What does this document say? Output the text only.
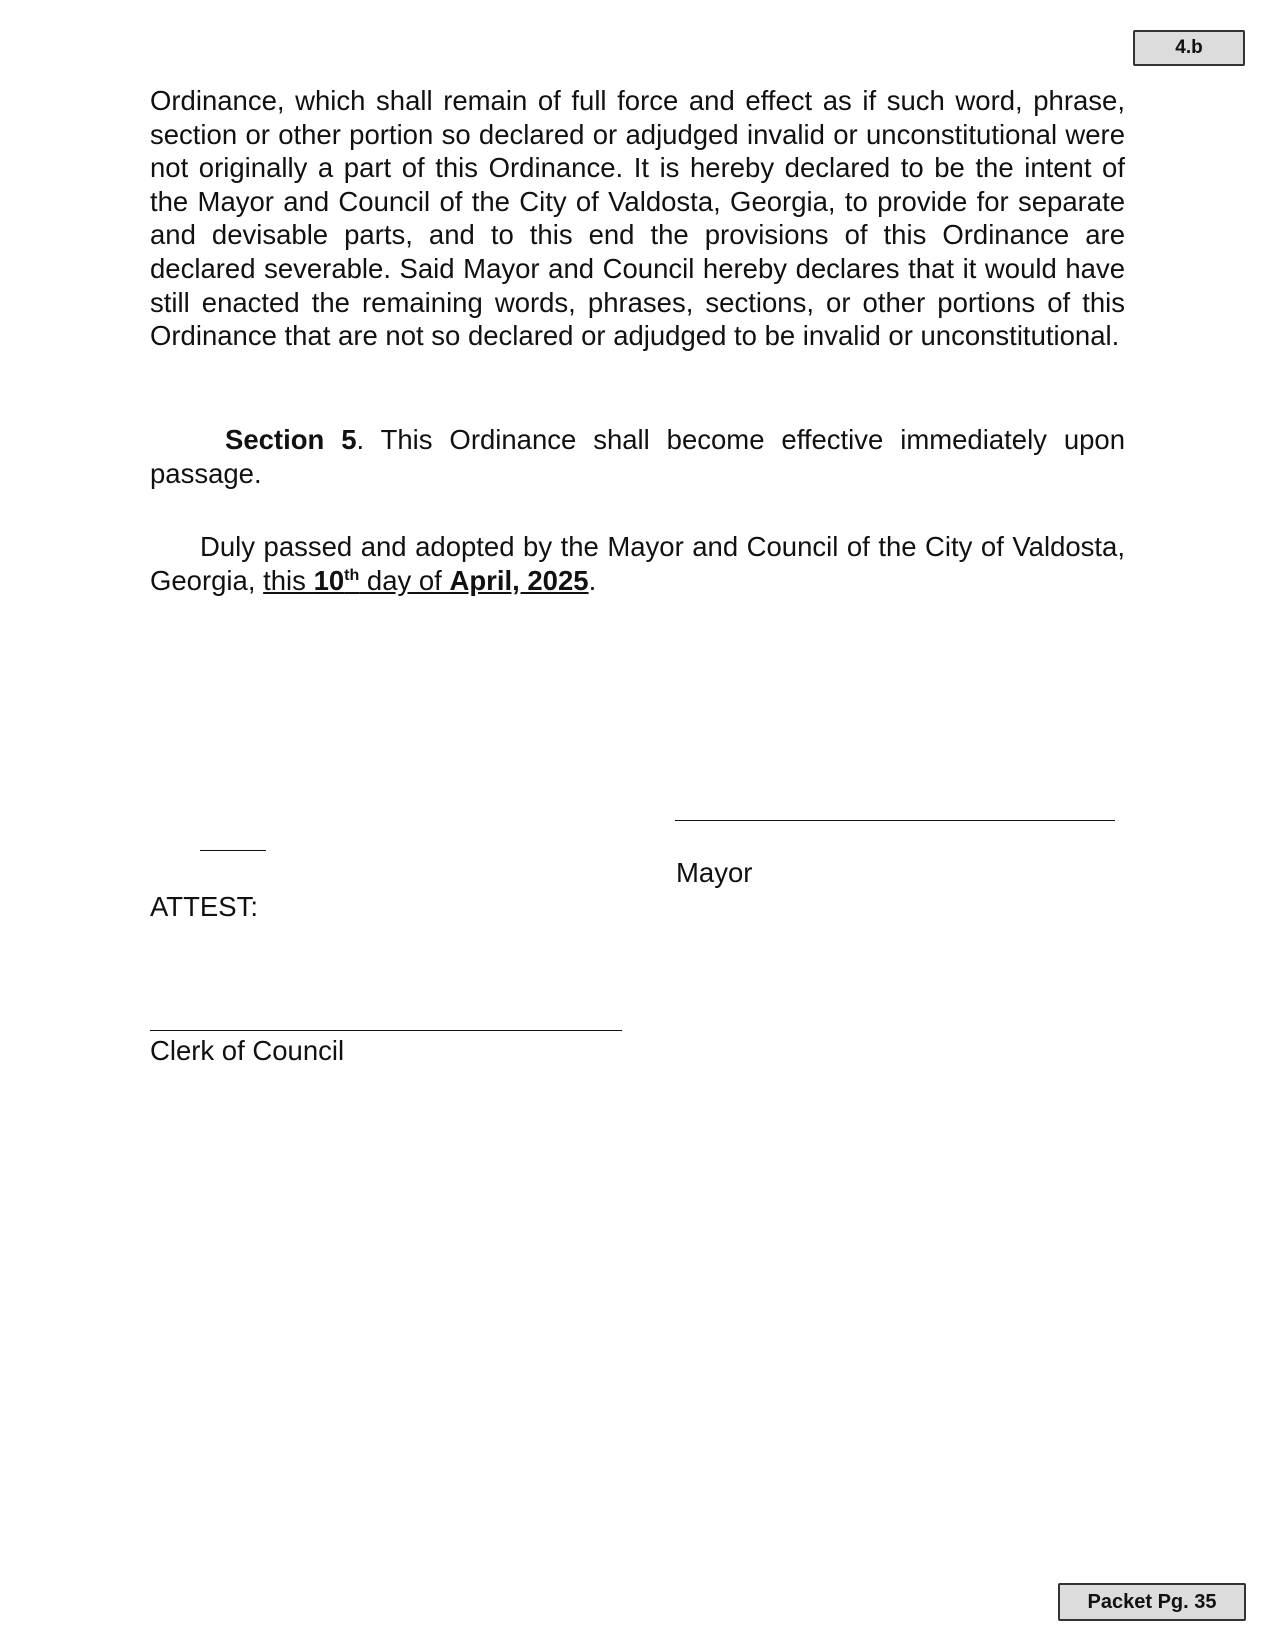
4.b

Ordinance, which shall remain of full force and effect as if such word, phrase, section or other portion so declared or adjudged invalid or unconstitutional were not originally a part of this Ordinance. It is hereby declared to be the intent of the Mayor and Council of the City of Valdosta, Georgia, to provide for separate and devisable parts, and to this end the provisions of this Ordinance are declared severable. Said Mayor and Council hereby declares that it would have still enacted the remaining words, phrases, sections, or other portions of this Ordinance that are not so declared or adjudged to be invalid or unconstitutional.

Section 5. This Ordinance shall become effective immediately upon passage.

Duly passed and adopted by the Mayor and Council of the City of Valdosta, Georgia, this 10th day of April, 2025.

Mayor
ATTEST:
Clerk of Council
Packet Pg. 35
